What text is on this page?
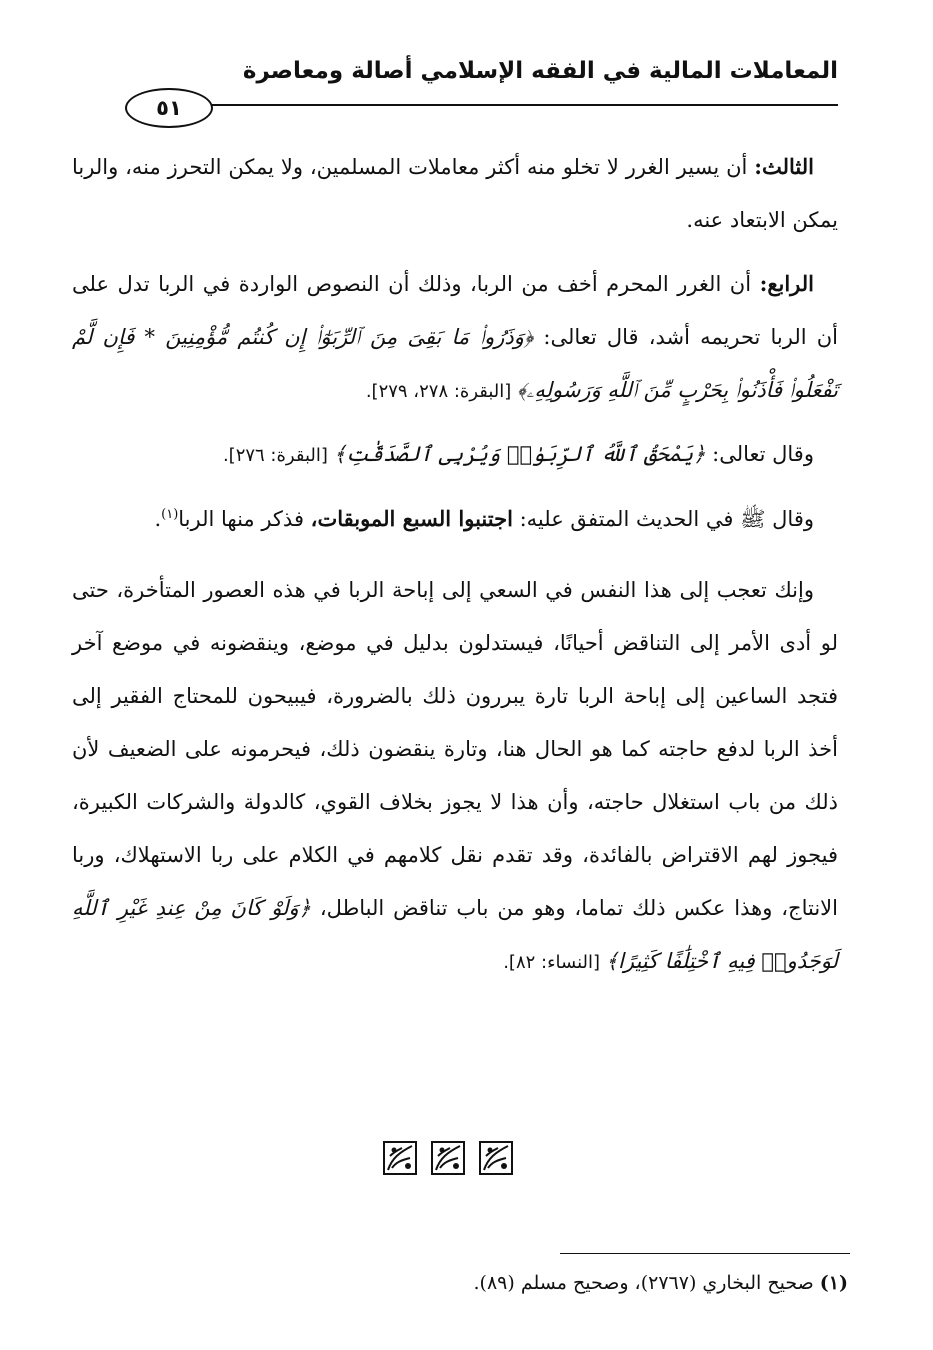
المعاملات المالية في الفقه الإسلامي أصالة ومعاصرة
٥١

الثالث: أن يسير الغرر لا تخلو منه أكثر معاملات المسلمين، ولا يمكن التحرز منه، والربا يمكن الابتعاد عنه.

الرابع: أن الغرر المحرم أخف من الربا، وذلك أن النصوص الواردة في الربا تدل على أن الربا تحريمه أشد، قال تعالى: ﴿وَذَرُوا۟ مَا بَقِىَ مِنَ ٱلرِّبَوٰٓا۟ إِن كُنتُم مُّؤْمِنِينَ * فَإِن لَّمْ تَفْعَلُوا۟ فَأْذَنُوا۟ بِحَرْبٍ مِّنَ ٱللَّهِ وَرَسُولِهِۦ﴾ [البقرة: ٢٧٨، ٢٧٩].

وقال تعالى: ﴿يَمْحَقُ ٱللَّهُ ٱلرِّبَوٰا۟ وَيُرْبِى ٱلصَّدَقَٰتِ﴾ [البقرة: ٢٧٦].

وقال ﷺ في الحديث المتفق عليه: اجتنبوا السبع الموبقات، فذكر منها الربا$^{(١)}$.

وإنك تعجب إلى هذا النفس في السعي إلى إباحة الربا في هذه العصور المتأخرة، حتى لو أدى الأمر إلى التناقض أحيانًا، فيستدلون بدليل في موضع، وينقضونه في موضع آخر فتجد الساعين إلى إباحة الربا تارة يبررون ذلك بالضرورة، فيبيحون للمحتاج الفقير إلى أخذ الربا لدفع حاجته كما هو الحال هنا، وتارة ينقضون ذلك، فيحرمونه على الضعيف لأن ذلك من باب استغلال حاجته، وأن هذا لا يجوز بخلاف القوي، كالدولة والشركات الكبيرة، فيجوز لهم الاقتراض بالفائدة، وقد تقدم نقل كلامهم في الكلام على ربا الاستهلاك، وربا الانتاج، وهذا عكس ذلك تماما، وهو من باب تناقض الباطل، ﴿وَلَوْ كَانَ مِنْ عِندِ غَيْرِ ٱللَّهِ لَوَجَدُوا۟ فِيهِ ٱخْتِلَٰفًا كَثِيرًا﴾ [النساء: ٨٢].

(١) صحيح البخاري (٢٧٦٧)، وصحيح مسلم (٨٩).
